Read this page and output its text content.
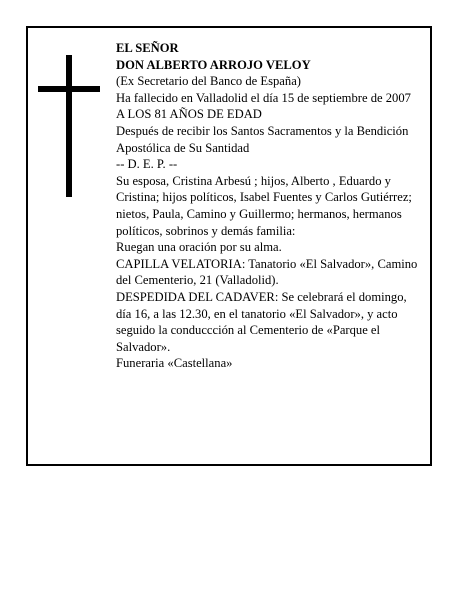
EL SEÑOR
DON ALBERTO ARROJO VELOY
(Ex Secretario del Banco de España)
Ha fallecido en Valladolid el día 15 de septiembre de 2007
A LOS 81 AÑOS DE EDAD
Después de recibir los Santos Sacramentos y la Bendición Apostólica de Su Santidad
-- D. E. P. --
Su esposa, Cristina Arbesú ; hijos, Alberto , Eduardo y Cristina; hijos políticos, Isabel Fuentes y Carlos Gutiérrez; nietos, Paula, Camino y Guillermo; hermanos, hermanos políticos, sobrinos y demás familia:
Ruegan una oración por su alma.
CAPILLA VELATORIA: Tanatorio «El Salvador», Camino del Cementerio, 21 (Valladolid).
DESPEDIDA DEL CADAVER: Se celebrará el domingo, día 16, a las 12.30, en el tanatorio «El Salvador», y acto seguido la conduccción al Cementerio de «Parque el Salvador».
Funeraria «Castellana»
